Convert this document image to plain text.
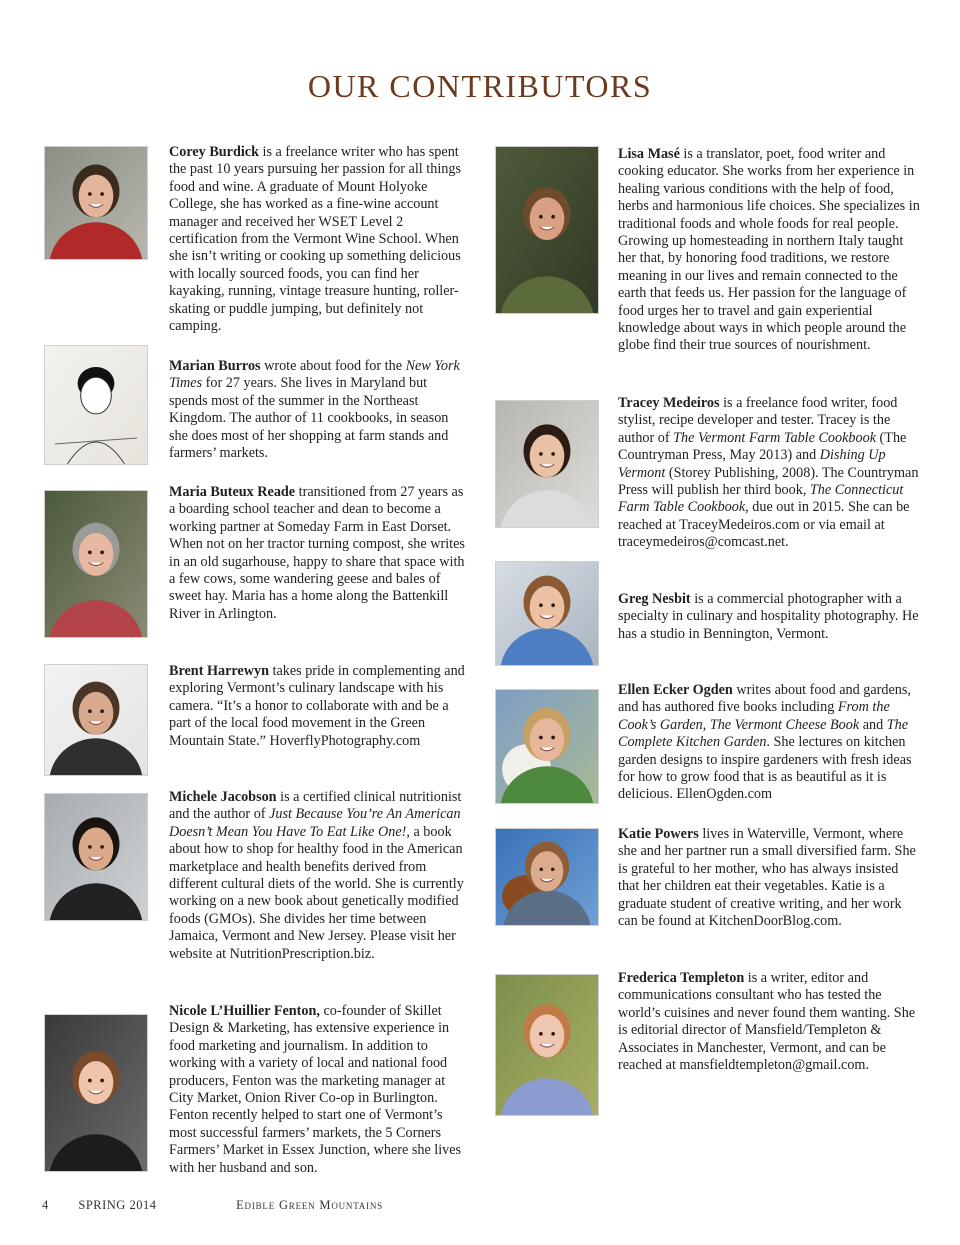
OUR CONTRIBUTORS
Corey Burdick is a freelance writer who has spent the past 10 years pursuing her passion for all things food and wine. A graduate of Mount Holyoke College, she has worked as a fine-wine account manager and received her WSET Level 2 certification from the Vermont Wine School. When she isn’t writing or cooking up something delicious with locally sourced foods, you can find her kayaking, running, vintage treasure hunting, roller-skating or puddle jumping, but definitely not camping.
Marian Burros wrote about food for the New York Times for 27 years. She lives in Maryland but spends most of the summer in the Northeast Kingdom. The author of 11 cookbooks, in season she does most of her shopping at farm stands and farmers’ markets.
Maria Buteux Reade transitioned from 27 years as a boarding school teacher and dean to become a working partner at Someday Farm in East Dorset. When not on her tractor turning compost, she writes in an old sugarhouse, happy to share that space with a few cows, some wandering geese and bales of sweet hay. Maria has a home along the Battenkill River in Arlington.
Brent Harrewyn takes pride in complementing and exploring Vermont’s culinary landscape with his camera. “It’s a honor to collaborate with and be a part of the local food movement in the Green Mountain State.” HoverflyPhotography.com
Michele Jacobson is a certified clinical nutritionist and the author of Just Because You’re An American Doesn’t Mean You Have To Eat Like One!, a book about how to shop for healthy food in the American marketplace and health benefits derived from different cultural diets of the world. She is currently working on a new book about genetically modified foods (GMOs). She divides her time between Jamaica, Vermont and New Jersey. Please visit her website at NutritionPrescription.biz.
Nicole L’Huillier Fenton, co-founder of Skillet Design & Marketing, has extensive experience in food marketing and journalism. In addition to working with a variety of local and national food producers, Fenton was the marketing manager at City Market, Onion River Co-op in Burlington. Fenton recently helped to start one of Vermont’s most successful farmers’ markets, the 5 Corners Farmers’ Market in Essex Junction, where she lives with her husband and son.
Lisa Masé is a translator, poet, food writer and cooking educator. She works from her experience in healing various conditions with the help of food, herbs and harmonious life choices. She specializes in traditional foods and whole foods for real people. Growing up homesteading in northern Italy taught her that, by honoring food traditions, we restore meaning in our lives and remain connected to the earth that feeds us. Her passion for the language of food urges her to travel and gain experiential knowledge about ways in which people around the globe find their true sources of nourishment.
Tracey Medeiros is a freelance food writer, food stylist, recipe developer and tester. Tracey is the author of The Vermont Farm Table Cookbook (The Countryman Press, May 2013) and Dishing Up Vermont (Storey Publishing, 2008). The Countryman Press will publish her third book, The Connecticut Farm Table Cookbook, due out in 2015. She can be reached at TraceyMedeiros.com or via email at traceymedeiros@comcast.net.
Greg Nesbit is a commercial photographer with a specialty in culinary and hospitality photography. He has a studio in Bennington, Vermont.
Ellen Ecker Ogden writes about food and gardens, and has authored five books including From the Cook’s Garden, The Vermont Cheese Book and The Complete Kitchen Garden. She lectures on kitchen garden designs to inspire gardeners with fresh ideas for how to grow food that is as beautiful as it is delicious. EllenOgden.com
Katie Powers lives in Waterville, Vermont, where she and her partner run a small diversified farm. She is grateful to her mother, who has always insisted that her children eat their vegetables. Katie is a graduate student of creative writing, and her work can be found at KitchenDoorBlog.com.
Frederica Templeton is a writer, editor and communications consultant who has tested the world’s cuisines and never found them wanting. She is editorial director of Mansfield/Templeton & Associates in Manchester, Vermont, and can be reached at mansfieldtempleton@gmail.com.
4 SPRING 2014	Edible Green Mountains
